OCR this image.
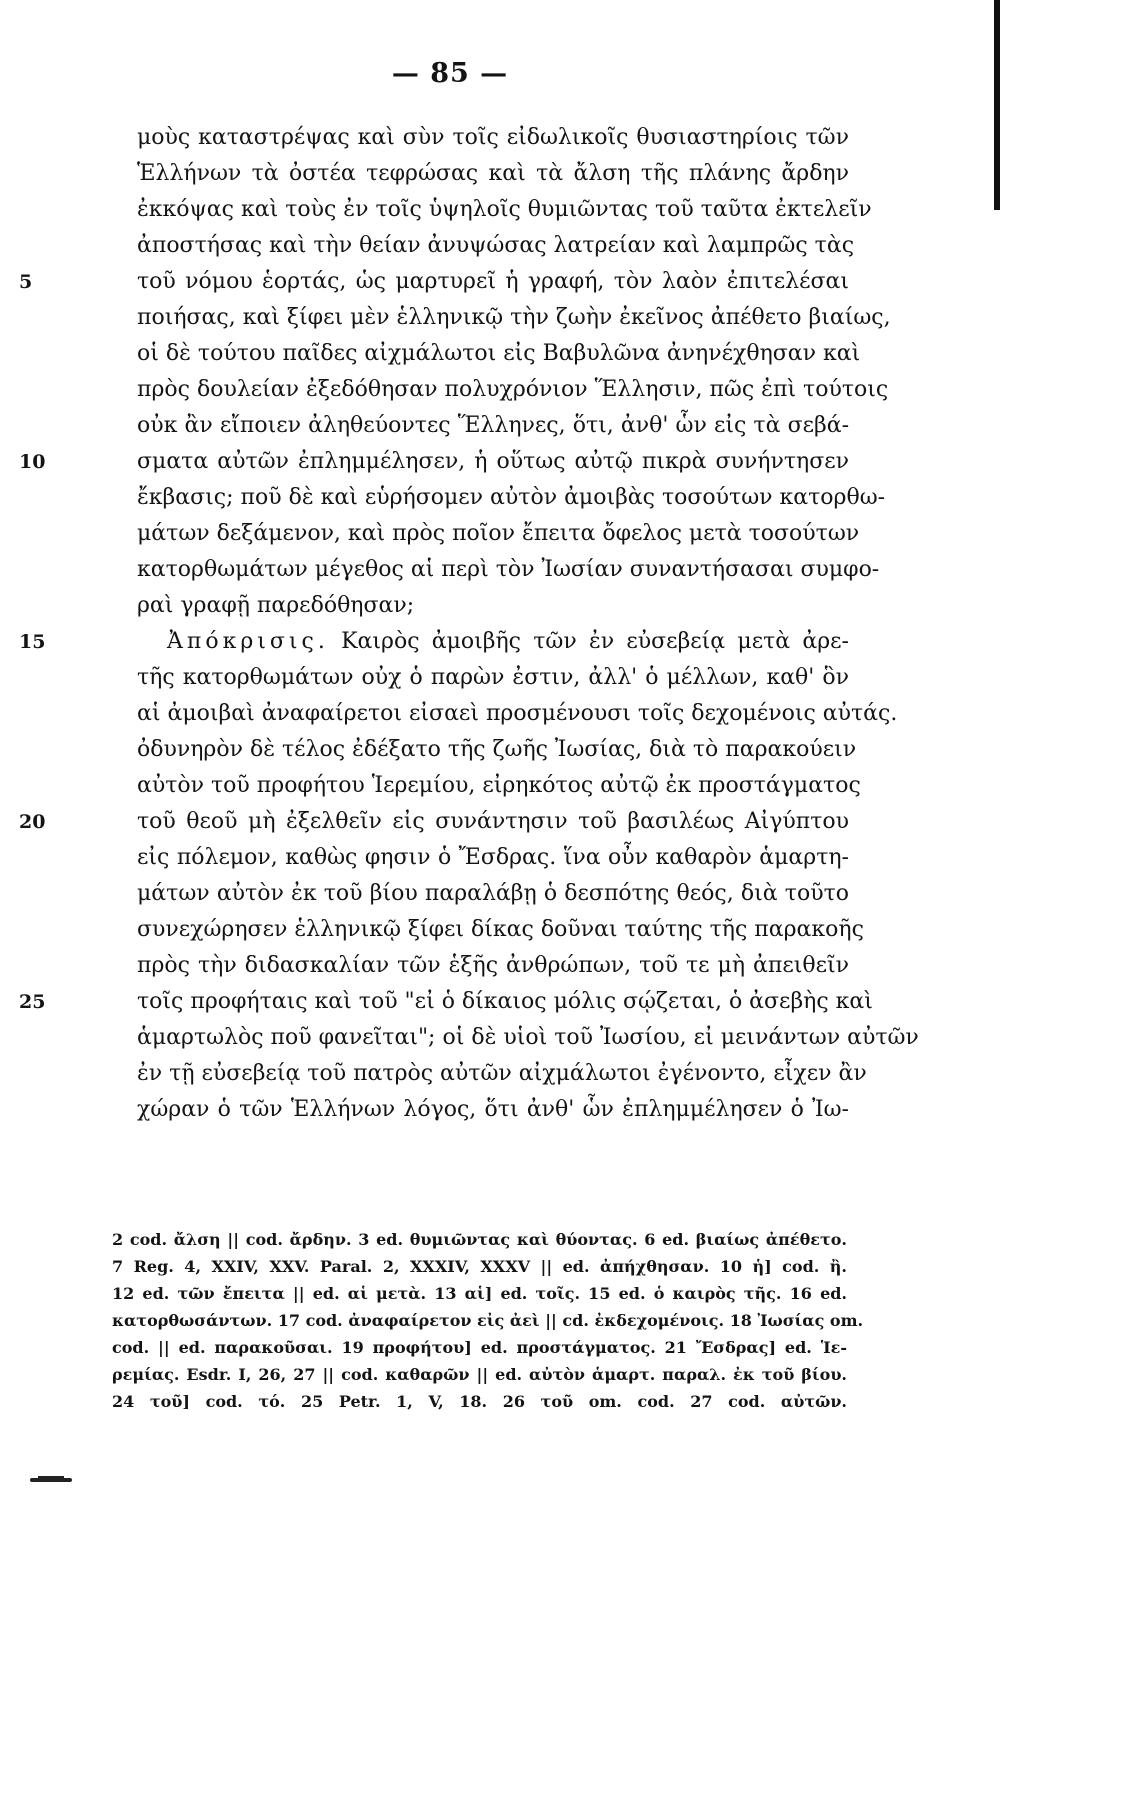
— 85 —
μοὺς καταστρέψας καὶ σὺν τοῖς εἰδωλικοῖς θυσιαστηρίοις τῶν
Ἑλλήνων τὰ ὀστέα τεφρώσας καὶ τὰ ἄλση τῆς πλάνης ἄρδην
ἐκκόψας καὶ τοὺς ἐν τοῖς ὑψηλοῖς θυμιῶντας τοῦ ταῦτα ἐκτελεῖν
ἀποστήσας καὶ τὴν θείαν ἀνυψώσας λατρείαν καὶ λαμπρῶς τὰς
5	τοῦ νόμου ἑορτάς, ὡς μαρτυρεῖ ἡ γραφή, τὸν λαὸν ἐπιτελέσαι
ποιήσας, καὶ ξίφει μὲν ἑλληνικῷ τὴν ζωὴν ἐκεῖνος ἀπέθετο βιαίως,
οἱ δὲ τούτου παῖδες αἰχμάλωτοι εἰς Βαβυλῶνα ἀνηνέχθησαν καὶ
πρὸς δουλείαν ἐξεδόθησαν πολυχρόνιον Ἕλλησιν, πῶς ἐπὶ τούτοις
οὐκ ἂν εἴποιεν ἀληθεύοντες Ἕλληνες, ὅτι, ἀνθ' ὧν εἰς τὰ σεβά-
10	σματα αὐτῶν ἐπλημμέλησεν, ἡ οὕτως αὐτῷ πικρὰ συνήντησεν
ἔκβασις; ποῦ δὲ καὶ εὑρήσομεν αὐτὸν ἀμοιβὰς τοσούτων κατορθω-
μάτων δεξάμενον, καὶ πρὸς ποῖον ἔπειτα ὄφελος μετὰ τοσούτων
κατορθωμάτων μέγεθος αἱ περὶ τὸν Ἰωσίαν συναντήσασαι συμφο-
ραὶ γραφῇ παρεδόθησαν;
15	Ἀπόκρισις. Καιρὸς ἀμοιβῆς τῶν ἐν εὐσεβείᾳ μετὰ ἀρε-
τῆς κατορθωμάτων οὐχ ὁ παρὼν ἐστιν, ἀλλ' ὁ μέλλων, καθ' ὃν
αἱ ἀμοιβαὶ ἀναφαίρετοι εἰσαεὶ προσμένουσι τοῖς δεχομένοις αὐτάς.
ὀδυνηρὸν δὲ τέλος ἐδέξατο τῆς ζωῆς Ἰωσίας, διὰ τὸ παρακούειν
αὐτὸν τοῦ προφήτου Ἱερεμίου, εἰρηκότος αὐτῷ ἐκ προστάγματος
20	τοῦ θεοῦ μὴ ἐξελθεῖν εἰς συνάντησιν τοῦ βασιλέως Αἰγύπτου
εἰς πόλεμον, καθὼς φησιν ὁ Ἔσδρας. ἵνα οὖν καθαρὸν ἁμαρτη-
μάτων αὐτὸν ἐκ τοῦ βίου παραλάβῃ ὁ δεσπότης θεός, διὰ τοῦτο
συνεχώρησεν ἑλληνικῷ ξίφει δίκας δοῦναι ταύτης τῆς παρακοῆς
πρὸς τὴν διδασκαλίαν τῶν ἑξῆς ἀνθρώπων, τοῦ τε μὴ ἀπειθεῖν
25	τοῖς προφήταις καὶ τοῦ "εἰ ὁ δίκαιος μόλις σῴζεται, ὁ ἀσεβὴς καὶ
ἁμαρτωλὸς ποῦ φανεῖται"; οἱ δὲ υἱοὶ τοῦ Ἰωσίου, εἰ μεινάντων αὐτῶν
ἐν τῇ εὐσεβείᾳ τοῦ πατρὸς αὐτῶν αἰχμάλωτοι ἐγένοντο, εἶχεν ἂν
χώραν ὁ τῶν Ἑλλήνων λόγος, ὅτι ἀνθ' ὧν ἐπλημμέλησεν ὁ Ἰω-
2 cod. ἄλση || cod. ἄρδην. 3 ed. θυμιῶντας καὶ θύοντας. 6 ed. βιαίως ἀπέθετο.
7 Reg. 4, XXIV, XXV. Paral. 2, XXXIV, XXXV || ed. ἀπήχθησαν. 10 ἡ] cod. ἢ.
12 ed. τῶν ἔπειτα || ed. αἱ μετὰ. 13 αἱ] ed. τοῖς. 15 ed. ὁ καιρὸς τῆς. 16 ed.
κατορθωσάντων. 17 cod. ἀναφαίρετον εἰς ἀεὶ || cd. ἐκδεχομένοις. 18 Ἰωσίας om.
cod. || ed. παρακοῦσαι. 19 προφήτου] ed. προστάγματος. 21 Ἔσδρας] ed. Ἱε-
ρεμίας. Esdr. I, 26, 27 || cod. καθαρῶν || ed. αὐτὸν ἁμαρτ. παραλ. ἐκ τοῦ βίου.
24 τοῦ] cod. τό. 25 Petr. 1, V, 18. 26 τοῦ om. cod. 27 cod. αὐτῶν.
